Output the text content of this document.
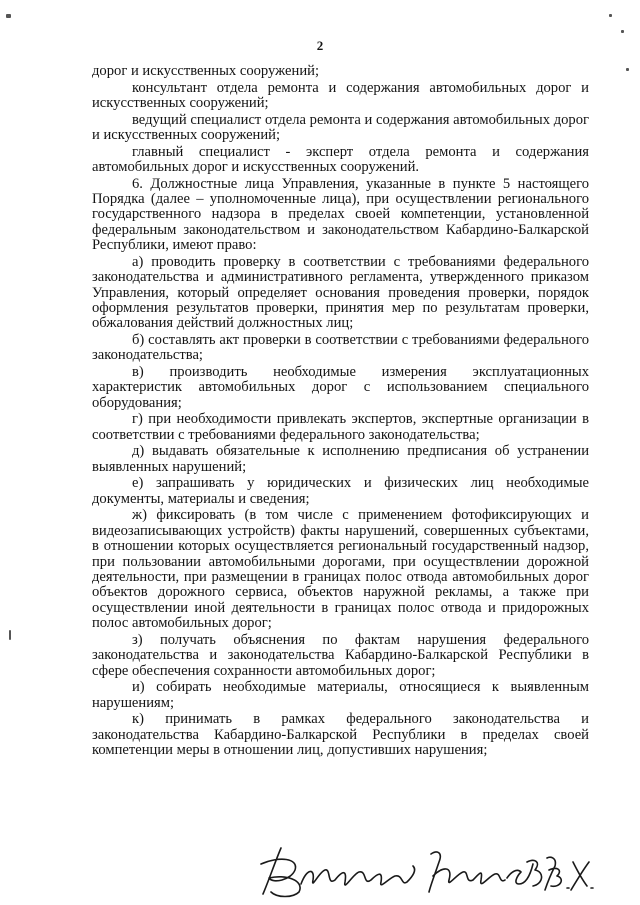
2

дорог и искусственных сооружений;

консультант отдела ремонта и содержания автомобильных дорог и искусственных сооружений;

ведущий специалист отдела ремонта и содержания автомобильных дорог и искусственных сооружений;

главный специалист - эксперт отдела ремонта и содержания автомобильных дорог и искусственных сооружений.

6. Должностные лица Управления, указанные в пункте 5 настоящего Порядка (далее – уполномоченные лица), при осуществлении регионального государственного надзора в пределах своей компетенции, установленной федеральным законодательством и законодательством Кабардино-Балкарской Республики, имеют право:

а) проводить проверку в соответствии с требованиями федерального законодательства и административного регламента, утвержденного приказом Управления, который определяет основания проведения проверки, порядок оформления результатов проверки, принятия мер по результатам проверки, обжалования действий должностных лиц;

б) составлять акт проверки в соответствии с требованиями федерального законодательства;

в) производить необходимые измерения эксплуатационных характеристик автомобильных дорог с использованием специального оборудования;

г) при необходимости привлекать экспертов, экспертные организации в соответствии с требованиями федерального законодательства;

д) выдавать обязательные к исполнению предписания об устранении выявленных нарушений;

е) запрашивать у юридических и физических лиц необходимые документы, материалы и сведения;

ж) фиксировать (в том числе с применением фотофиксирующих и видеозаписывающих устройств) факты нарушений, совершенных субъектами, в отношении которых осуществляется региональный государственный надзор, при пользовании автомобильными дорогами, при осуществлении дорожной деятельности, при размещении в границах полос отвода автомобильных дорог объектов дорожного сервиса, объектов наружной рекламы, а также при осуществлении иной деятельности в границах полос отвода и придорожных полос автомобильных дорог;

з) получать объяснения по фактам нарушения федерального законодательства и законодательства Кабардино-Балкарской Республики в сфере обеспечения сохранности автомобильных дорог;

и) собирать необходимые материалы, относящиеся к выявленным нарушениям;

к) принимать в рамках федерального законодательства и законодательства Кабардино-Балкарской Республики в пределах своей компетенции меры в отношении лиц, допустивших нарушения;
